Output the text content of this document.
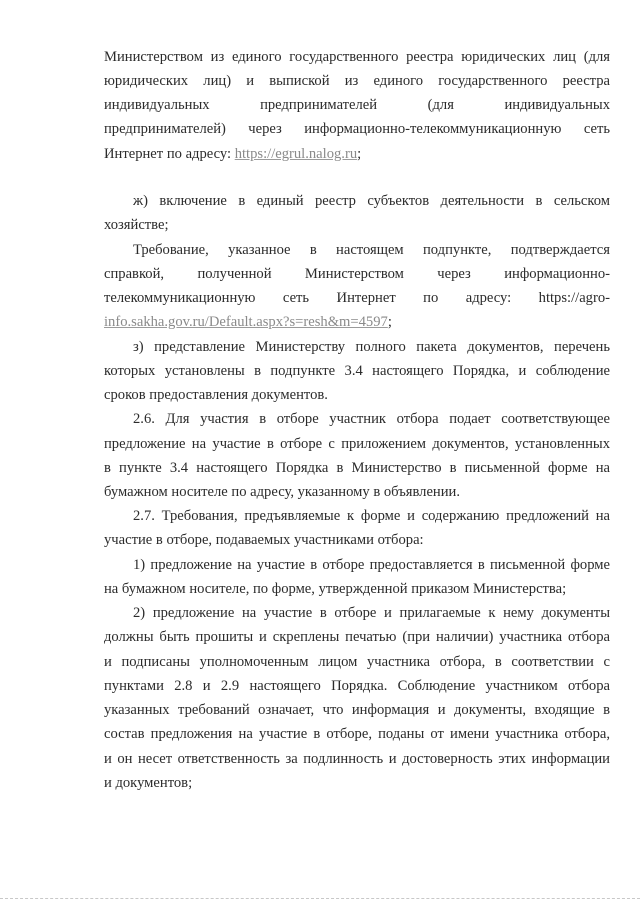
Министерством из единого государственного реестра юридических лиц (для
юридических лиц) и выпиской из единого государственного реестра
индивидуальных предпринимателей (для индивидуальных
предпринимателей) через информационно-телекоммуникационную сеть
Интернет по адресу: https://egrul.nalog.ru;
ж) включение в единый реестр субъектов деятельности в сельском
хозяйстве;
Требование, указанное в настоящем подпункте, подтверждается
справкой, полученной Министерством через информационно-
телекоммуникационную сеть Интернет по адресу: https://agro-
info.sakha.gov.ru/Default.aspx?s=resh&m=4597;
з) представление Министерству полного пакета документов, перечень
которых установлены в подпункте 3.4 настоящего Порядка, и соблюдение
сроков предоставления документов.
2.6. Для участия в отборе участник отбора подает соответствующее
предложение на участие в отборе с приложением документов, установленных
в пункте 3.4 настоящего Порядка в Министерство в письменной форме на
бумажном носителе по адресу, указанному в объявлении.
2.7. Требования, предъявляемые к форме и содержанию предложений на
участие в отборе, подаваемых участниками отбора:
1) предложение на участие в отборе предоставляется в письменной форме
на бумажном носителе, по форме, утвержденной приказом Министерства;
2) предложение на участие в отборе и прилагаемые к нему документы
должны быть прошиты и скреплены печатью (при наличии) участника отбора
и подписаны уполномоченным лицом участника отбора, в соответствии с
пунктами 2.8 и 2.9 настоящего Порядка. Соблюдение участником отбора
указанных требований означает, что информация и документы, входящие в
состав предложения на участие в отборе, поданы от имени участника отбора,
и он несет ответственность за подлинность и достоверность этих информации
и документов;
